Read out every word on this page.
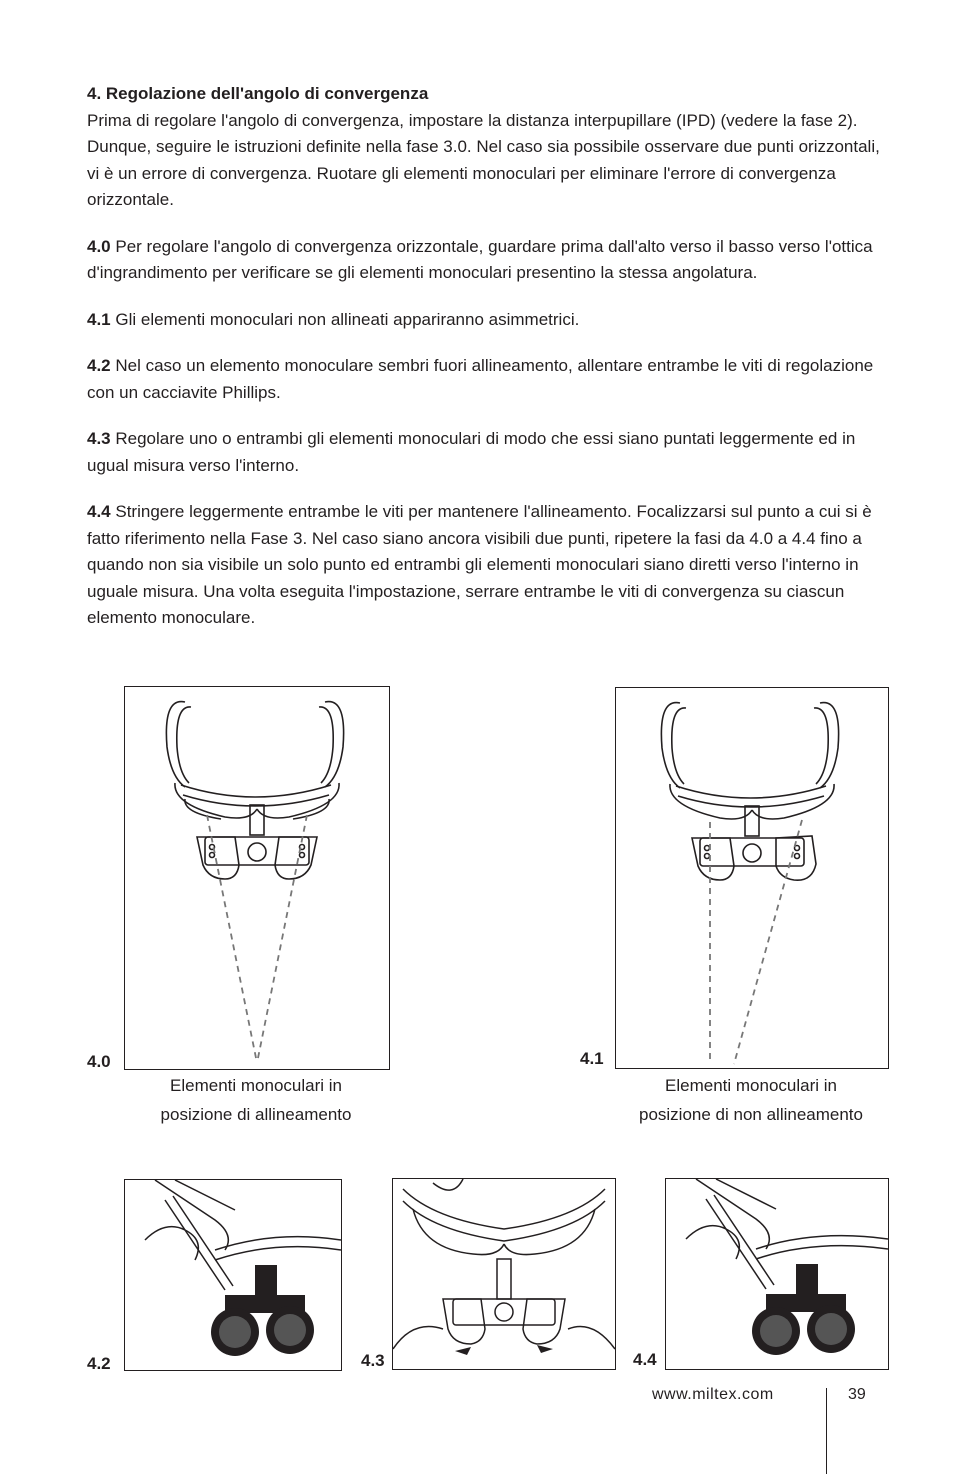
4. Regolazione dell'angolo di convergenza

Prima di regolare l'angolo di convergenza, impostare la distanza interpupillare (IPD) (vedere la fase 2). Dunque, seguire le istruzioni definite nella fase 3.0. Nel caso sia possibile osservare due punti orizzontali, vi è un errore di convergenza. Ruotare gli elementi monoculari per eliminare l'errore di convergenza orizzontale.

4.0 Per regolare l'angolo di convergenza orizzontale, guardare prima dall'alto verso il basso verso l'ottica d'ingrandimento per verificare se gli elementi monoculari presentino la stessa angolatura.

4.1 Gli elementi monoculari non allineati appariranno asimmetrici.

4.2 Nel caso un elemento monoculare sembri fuori allineamento, allentare entrambe le viti di regolazione con un cacciavite Phillips.

4.3 Regolare uno o entrambi gli elementi monoculari di modo che essi siano puntati leggermente ed in ugual misura verso l'interno.

4.4 Stringere leggermente entrambe le viti per mantenere l'allineamento. Focalizzarsi sul punto a cui si è fatto riferimento nella Fase 3. Nel caso siano ancora visibili due punti, ripetere la fasi da 4.0 a 4.4 fino a quando non sia visibile un solo punto ed entrambi gli elementi monoculari siano diretti verso l'interno in uguale misura. Una volta eseguita l'impostazione, serrare entrambe le viti di convergenza su ciascun elemento monoculare.

4.0
Elementi monoculari in
posizione di allineamento
4.1
Elementi monoculari in
posizione di non allineamento
4.2	4.3	4.4
www.miltex.com	39
